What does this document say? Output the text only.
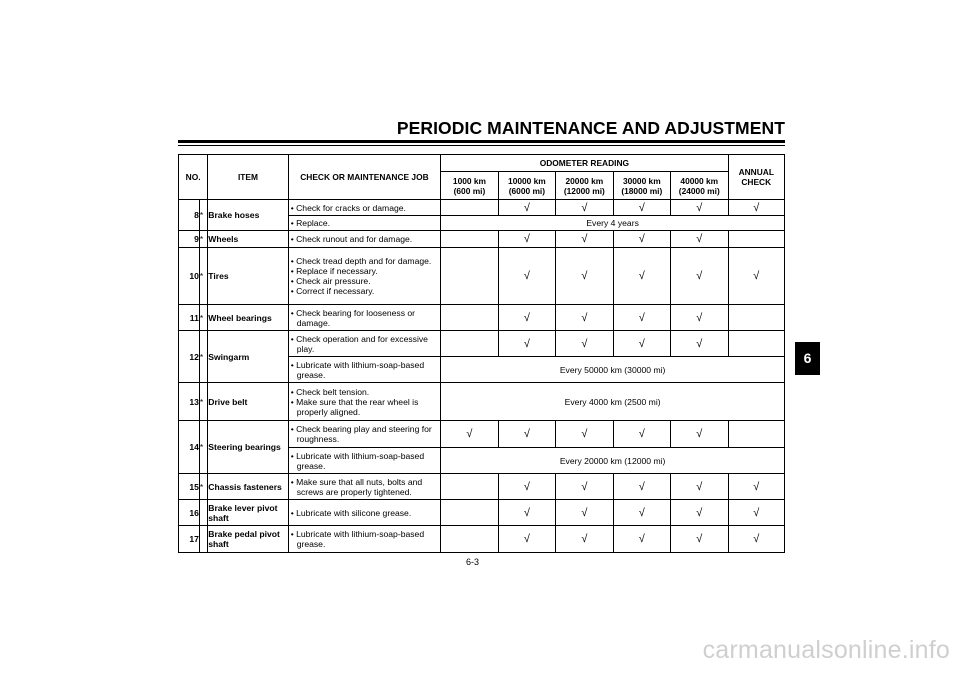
PERIODIC MAINTENANCE AND ADJUSTMENT
NO.		ITEM	CHECK OR MAINTENANCE JOB	ODOMETER READING					ANNUAL CHECK
				1000 km (600 mi)	10000 km (6000 mi)	20000 km (12000 mi)	30000 km (18000 mi)	40000 km (24000 mi)	
8	*	Brake hoses	• Check for cracks or damage.		√	√	√	√	√

			• Replace.	Every 4 years					
9	*	Wheels	• Check runout and for damage.		√	√	√	√	
10	*	Tires	• Check tread depth and for damage.
• Replace if necessary.
• Check air pressure.
• Correct if necessary.		√	√	√	√	√
11	*	Wheel bearings	• Check bearing for looseness or damage.		√	√	√	√	
12	*	Swingarm	• Check operation and for excessive play.		√	√	√	√	

			• Lubricate with lithium-soap-based grease.	Every 50000 km (30000 mi)					
13	*	Drive belt	• Check belt tension.
• Make sure that the rear wheel is properly aligned.	Every 4000 km (2500 mi)					
14	*	Steering bearings	• Check bearing play and steering for roughness.	√	√	√	√	√	

			• Lubricate with lithium-soap-based grease.	Every 20000 km (12000 mi)					
15	*	Chassis fasteners	• Make sure that all nuts, bolts and screws are properly tightened.		√	√	√	√	√
16		Brake lever pivot shaft	• Lubricate with silicone grease.		√	√	√	√	√
17		Brake pedal pivot shaft	• Lubricate with lithium-soap-based grease.		√	√	√	√	√
6
6-3
carmanualsonline.info
